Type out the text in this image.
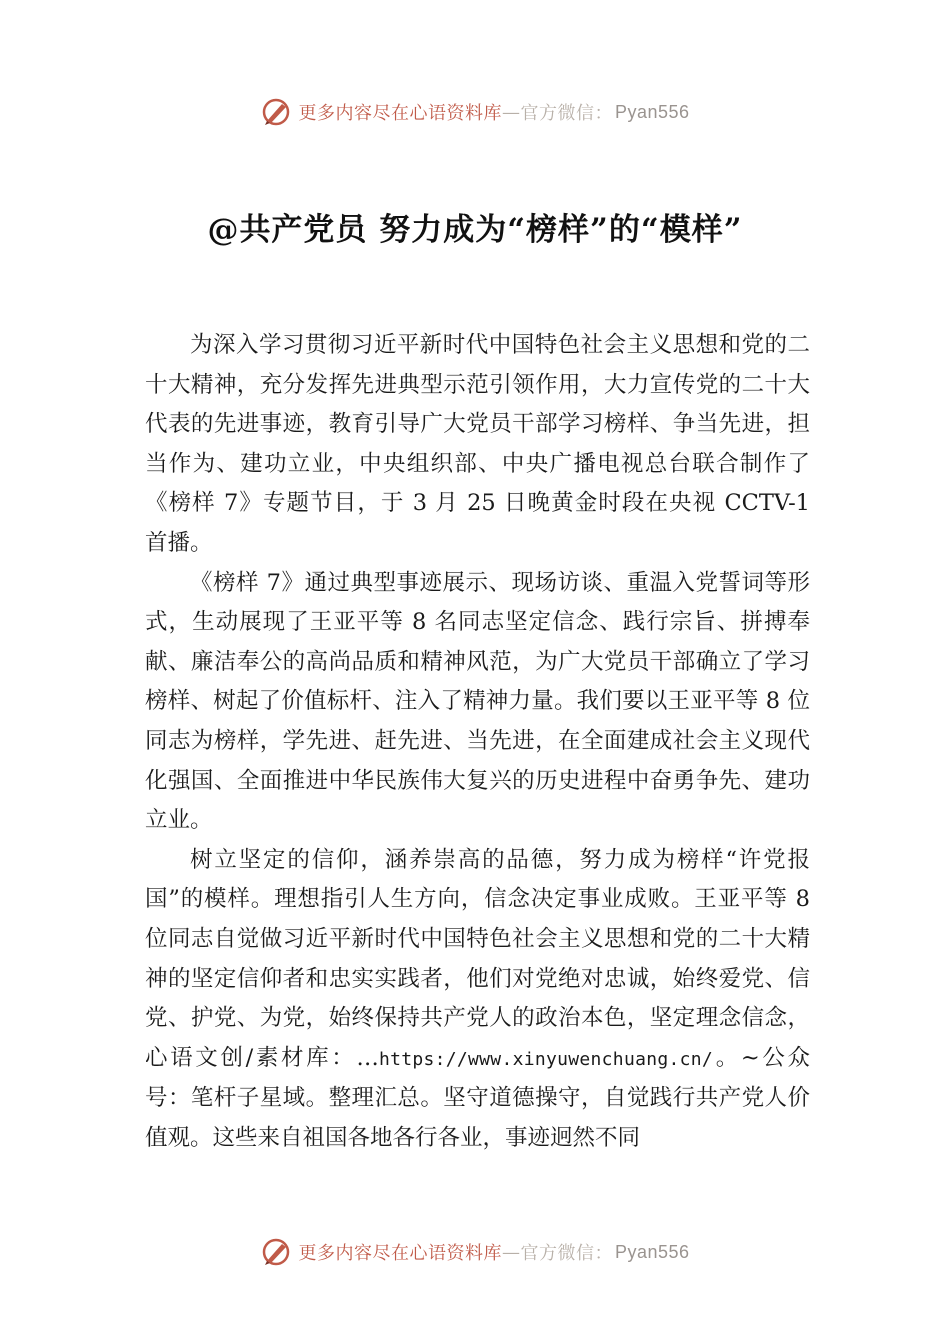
更多内容尽在心语资料库 — 官方微信： Pyan556
@共产党员 努力成为“榜样”的“模样”

为深入学习贯彻习近平新时代中国特色社会主义思想和党的二十大精神，充分发挥先进典型示范引领作用，大力宣传党的二十大代表的先进事迹，教育引导广大党员干部学习榜样、争当先进，担当作为、建功立业，中央组织部、中央广播电视总台联合制作了《榜样 7》专题节目，于 3 月 25 日晚黄金时段在央视 CCTV-1 首播。

《榜样 7》通过典型事迹展示、现场访谈、重温入党誓词等形式，生动展现了王亚平等 8 名同志坚定信念、践行宗旨、拼搏奉献、廉洁奉公的高尚品质和精神风范，为广大党员干部确立了学习榜样、树起了价值标杆、注入了精神力量。我们要以王亚平等 8 位同志为榜样，学先进、赶先进、当先进，在全面建成社会主义现代化强国、全面推进中华民族伟大复兴的历史进程中奋勇争先、建功立业。

树立坚定的信仰，涵养崇高的品德，努力成为榜样“许党报国”的模样。理想指引人生方向，信念决定事业成败。王亚平等 8 位同志自觉做习近平新时代中国特色社会主义思想和党的二十大精神的坚定信仰者和忠实实践者，他们对党绝对忠诚，始终爱党、信党、护党、为党，始终保持共产党人的政治本色，坚定理念信念，心语文创/素材库：…https://www.xinyuwenchuang.cn/。~公众号：笔杆子星域。整理汇总。坚守道德操守，自觉践行共产党人价值观。这些来自祖国各地各行各业，事迹迥然不同

更多内容尽在心语资料库 — 官方微信： Pyan556
